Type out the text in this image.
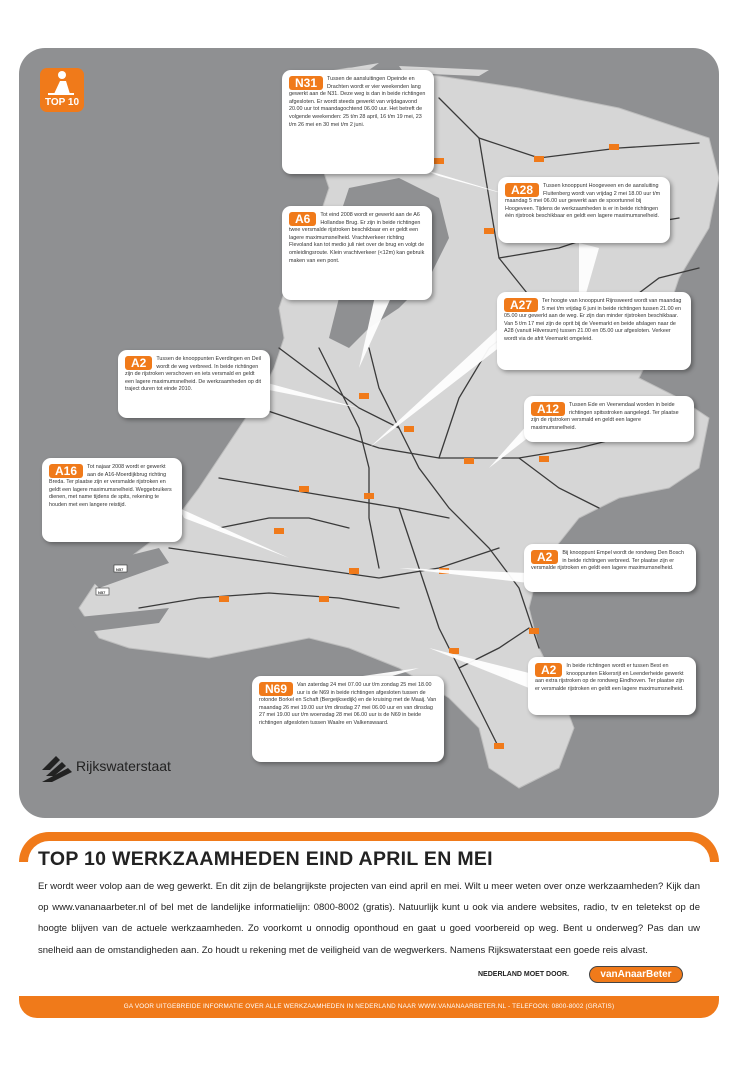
N57
N57
TOP 10
N31	Tussen de aansluitingen Opeinde en Drachten wordt er vier weekenden lang gewerkt aan de N31. Deze weg is dan in beide richtingen afgesloten. Er wordt steeds gewerkt van vrijdagavond 20.00 uur tot maandagochtend 06.00 uur. Het betreft de volgende weekenden: 25 t/m 28 april, 16 t/m 19 mei, 23 t/m 26 mei en 30 mei t/m 2 juni.
A28	Tussen knooppunt Hoogeveen en de aansluiting Fluitenberg wordt van vrijdag 2 mei 18.00 uur t/m maandag 5 mei 06.00 uur gewerkt aan de spoortunnel bij Hoogeveen. Tijdens de werkzaamheden is er in beide richtingen één rijstrook beschikbaar en geldt een lagere maximumsnelheid.
A6	Tot eind 2008 wordt er gewerkt aan de A6 Hollandse Brug. Er zijn in beide richtingen twee versmalde rijstroken beschikbaar en er geldt een lagere maximumsnelheid. Vrachtverkeer richting Flevoland kan tot medio juli niet over de brug en volgt de omleidingsroute. Klein vrachtverkeer (<12m) kan gebruik maken van een pont.
A27	Ter hoogte van knooppunt Rijnsweerd wordt van maandag 5 mei t/m vrijdag 6 juni in beide richtingen tussen 21.00 en 05.00 uur gewerkt aan de weg. Er zijn dan minder rijstroken beschikbaar. Van 5 t/m 17 mei zijn de oprit bij de Veemarkt en beide afslagen naar de A28 (vanuit Hilversum) tussen 21.00 en 05.00 uur afgesloten. Verkeer wordt via de afrit Veemarkt omgeleid.
A2	Tussen de knooppunten Everdingen en Deil wordt de weg verbreed. In beide richtingen zijn de rijstroken verschoven en iets versmald en geldt een lagere maximumsnelheid. De werkzaamheden op dit traject duren tot einde 2010.
A12	Tussen Ede en Veenendaal worden in beide richtingen spitsstroken aangelegd. Ter plaatse zijn de rijstroken versmald en geldt een lagere maximumsnelheid.
A16	Tot najaar 2008 wordt er gewerkt aan de A16-Moerdijkbrug richting Breda. Ter plaatse zijn er versmalde rijstroken en geldt een lagere maximumsnelheid. Weggebruikers dienen, met name tijdens de spits, rekening te houden met een langere reistijd.
A2	Bij knooppunt Empel wordt de rondweg Den Bosch in beide richtingen verbreed. Ter plaatse zijn er versmalde rijstroken en geldt een lagere maximumsnelheid.
A2	In beide richtingen wordt er tussen Best en knooppunten Ekkersrijt en Leenderheide gewerkt aan extra rijstroken op de rondweg Eindhoven. Ter plaatse zijn er versmalde rijstroken en geldt een lagere maximumsnelheid.
N69	Van zaterdag 24 mei 07.00 uur t/m zondag 25 mei 18.00 uur is de N69 in beide richtingen afgesloten tussen de rotonde Borkel en Schaft (Bergeijksedijk) en de kruising met de Maaij. Van maandag 26 mei 19.00 uur t/m dinsdag 27 mei 06.00 uur en van dinsdag 27 mei 19.00 uur t/m woensdag 28 mei 06.00 uur is de N69 in beide richtingen afgesloten tussen Waalre en Valkenswaard.
Rijkswaterstaat
GA VOOR UITGEBREIDE INFORMATIE OVER ALLE WERKZAAMHEDEN IN NEDERLAND NAAR WWW.VANANAARBETER.NL - TELEFOON: 0800-8002 (GRATIS)
TOP 10 WERKZAAMHEDEN EIND APRIL EN MEI
Er wordt weer volop aan de weg gewerkt. En dit zijn de belangrijkste projecten van eind april en mei. Wilt u meer weten over onze werkzaamheden? Kijk dan op www.vananaarbeter.nl of bel met de landelijke informatielijn: 0800-8002 (gratis). Natuurlijk kunt u ook via andere websites, radio, tv en teletekst op de hoogte blijven van de actuele werkzaamheden. Zo voorkomt u onnodig oponthoud en gaat u goed voorbereid op weg. Bent u onderweg? Pas dan uw snelheid aan de omstandigheden aan. Zo houdt u rekening met de veiligheid van de wegwerkers. Namens Rijkswaterstaat een goede reis alvast.
NEDERLAND MOET DOOR.	vanAnaarBeter
